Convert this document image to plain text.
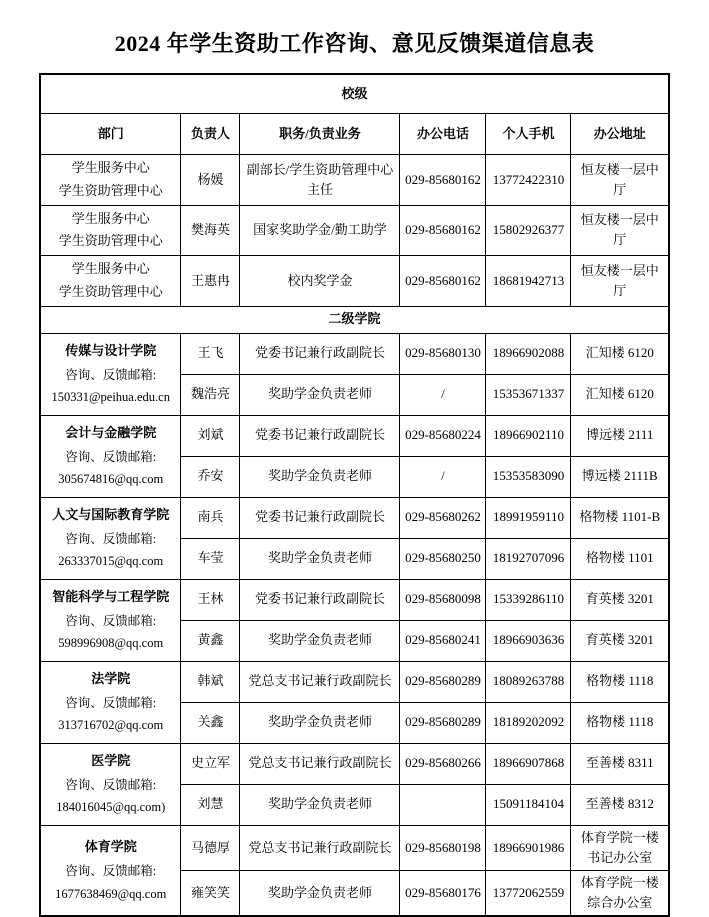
2024 年学生资助工作咨询、意见反馈渠道信息表
校级					
部门	负责人	职务/负责业务	办公电话	个人手机	办公地址

学生服务中心
学生资助管理中心	杨媛	副部长/学生资助管理中心主任	029-85680162	13772422310	恒友楼一层中厅

学生服务中心
学生资助管理中心	樊海英	国家奖助学金/勤工助学	029-85680162	15802926377	恒友楼一层中厅

学生服务中心
学生资助管理中心	王惠冉	校内奖学金	029-85680162	18681942713	恒友楼一层中厅
二级学院					

传媒与设计学院
咨询、反馈邮箱:
150331@peihua.edu.cn	王飞	党委书记兼行政副院长	029-85680130	18966902088	汇知楼 6120
	魏浩亮	奖助学金负责老师	/	15353671337	汇知楼 6120

会计与金融学院
咨询、反馈邮箱:
305674816@qq.com	刘斌	党委书记兼行政副院长	029-85680224	18966902110	博远楼 2111
	乔安	奖助学金负责老师	/	15353583090	博远楼 2111B

人文与国际教育学院
咨询、反馈邮箱:
263337015@qq.com	南兵	党委书记兼行政副院长	029-85680262	18991959110	格物楼 1101-B
	车莹	奖助学金负责老师	029-85680250	18192707096	格物楼 1101

智能科学与工程学院
咨询、反馈邮箱:
598996908@qq.com	王林	党委书记兼行政副院长	029-85680098	15339286110	育英楼 3201
	黄鑫	奖助学金负责老师	029-85680241	18966903636	育英楼 3201

法学院
咨询、反馈邮箱:
313716702@qq.com	韩斌	党总支书记兼行政副院长	029-85680289	18089263788	格物楼 1118
	关鑫	奖助学金负责老师	029-85680289	18189202092	格物楼 1118

医学院
咨询、反馈邮箱:
184016045@qq.com)	史立军	党总支书记兼行政副院长	029-85680266	18966907868	至善楼 8311
	刘慧	奖助学金负责老师		15091184104	至善楼 8312

体育学院
咨询、反馈邮箱:
1677638469@qq.com	马德厚	党总支书记兼行政副院长	029-85680198	18966901986	体育学院一楼书记办公室
	雍笑笑	奖助学金负责老师	029-85680176	13772062559	体育学院一楼综合办公室
